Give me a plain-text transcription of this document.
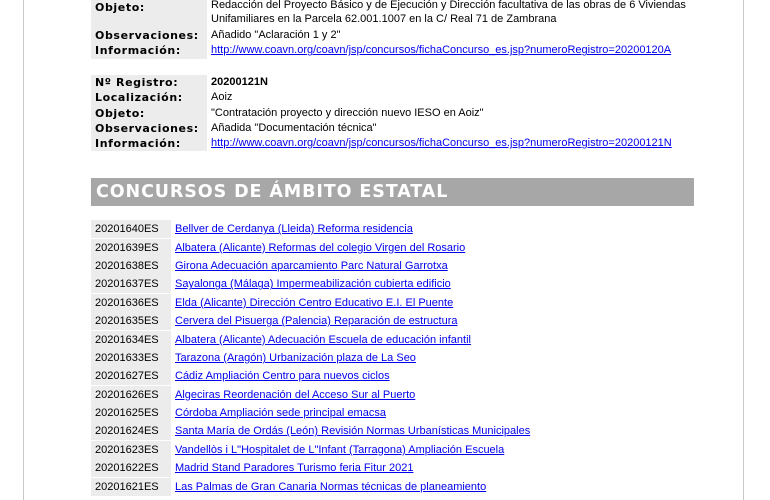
Objeto:	Redacción del Proyecto Básico y de Ejecución y Dirección facultativa de las obras de 6 Viviendas Unifamiliares en la Parcela 62.001.1007 en la C/ Real 71 de Zambrana
Observaciones:	Añadido "Aclaración 1 y 2"
Información:	http://www.coavn.org/coavn/jsp/concursos/fichaConcurso_es.jsp?numeroRegistro=20200120A
Nº Registro:	20200121N
Localización:	Aoiz
Objeto:	"Contratación proyecto y dirección nuevo IESO en Aoiz"
Observaciones:	Añadida "Documentación técnica"
Información:	http://www.coavn.org/coavn/jsp/concursos/fichaConcurso_es.jsp?numeroRegistro=20200121N
CONCURSOS DE ÁMBITO ESTATAL
20201640ES	Bellver de Cerdanya (Lleida) Reforma residencia
20201639ES	Albatera (Alicante) Reformas del colegio Virgen del Rosario
20201638ES	Girona Adecuación aparcamiento Parc Natural Garrotxa
20201637ES	Sayalonga (Málaga) Impermeabilización cubierta edificio
20201636ES	Elda (Alicante) Dirección Centro Educativo E.I. El Puente
20201635ES	Cervera del Pisuerga (Palencia) Reparación de estructura
20201634ES	Albatera (Alicante) Adecuación Escuela de educación infantil
20201633ES	Tarazona (Aragón) Urbanización plaza de La Seo
20201627ES	Cádiz Ampliación Centro para nuevos ciclos
20201626ES	Algeciras Reordenación del Acceso Sur al Puerto
20201625ES	Córdoba Ampliación sede principal emacsa
20201624ES	Santa María de Ordás (León) Revisión Normas Urbanísticas Municipales
20201623ES	Vandellòs i L"Hospitalet de L"Infant (Tarragona) Ampliación Escuela
20201622ES	Madrid Stand Paradores Turismo feria Fitur 2021
20201621ES	Las Palmas de Gran Canaria Normas técnicas de planeamiento
